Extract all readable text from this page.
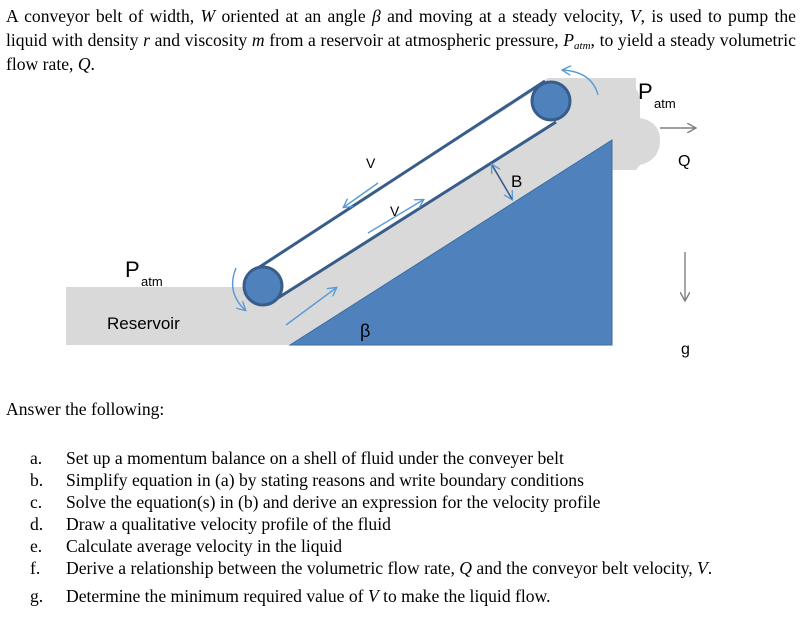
A conveyor belt of width, W oriented at an angle β and moving at a steady velocity, V, is used to pump the liquid with density r and viscosity m from a reservoir at atmospheric pressure, $P_{atm}$, to yield a steady volumetric flow rate, Q.

P atm
Reservoir
P atm
V
V
B
β
Q
g

Answer the following:

a.	Set up a momentum balance on a shell of fluid under the conveyer belt
b.	Simplify equation in (a) by stating reasons and write boundary conditions
c.	Solve the equation(s) in (b) and derive an expression for the velocity profile
d.	Draw a qualitative velocity profile of the fluid
e.	Calculate average velocity in the liquid
f.	Derive a relationship between the volumetric flow rate, Q and the conveyor belt velocity, V.
g.	Determine the minimum required value of V to make the liquid flow.
